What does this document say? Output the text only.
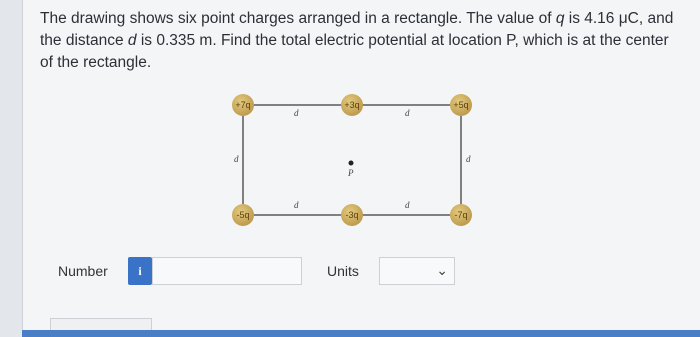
The drawing shows six point charges arranged in a rectangle. The value of q is 4.16 μC, and the distance d is 0.335 m. Find the total electric potential at location P, which is at the center of the rectangle.

+7q	+3q	+5q
-5q	-3q	-7q
d	d
d	d
d	d
P
Number	i	Units	⌄
